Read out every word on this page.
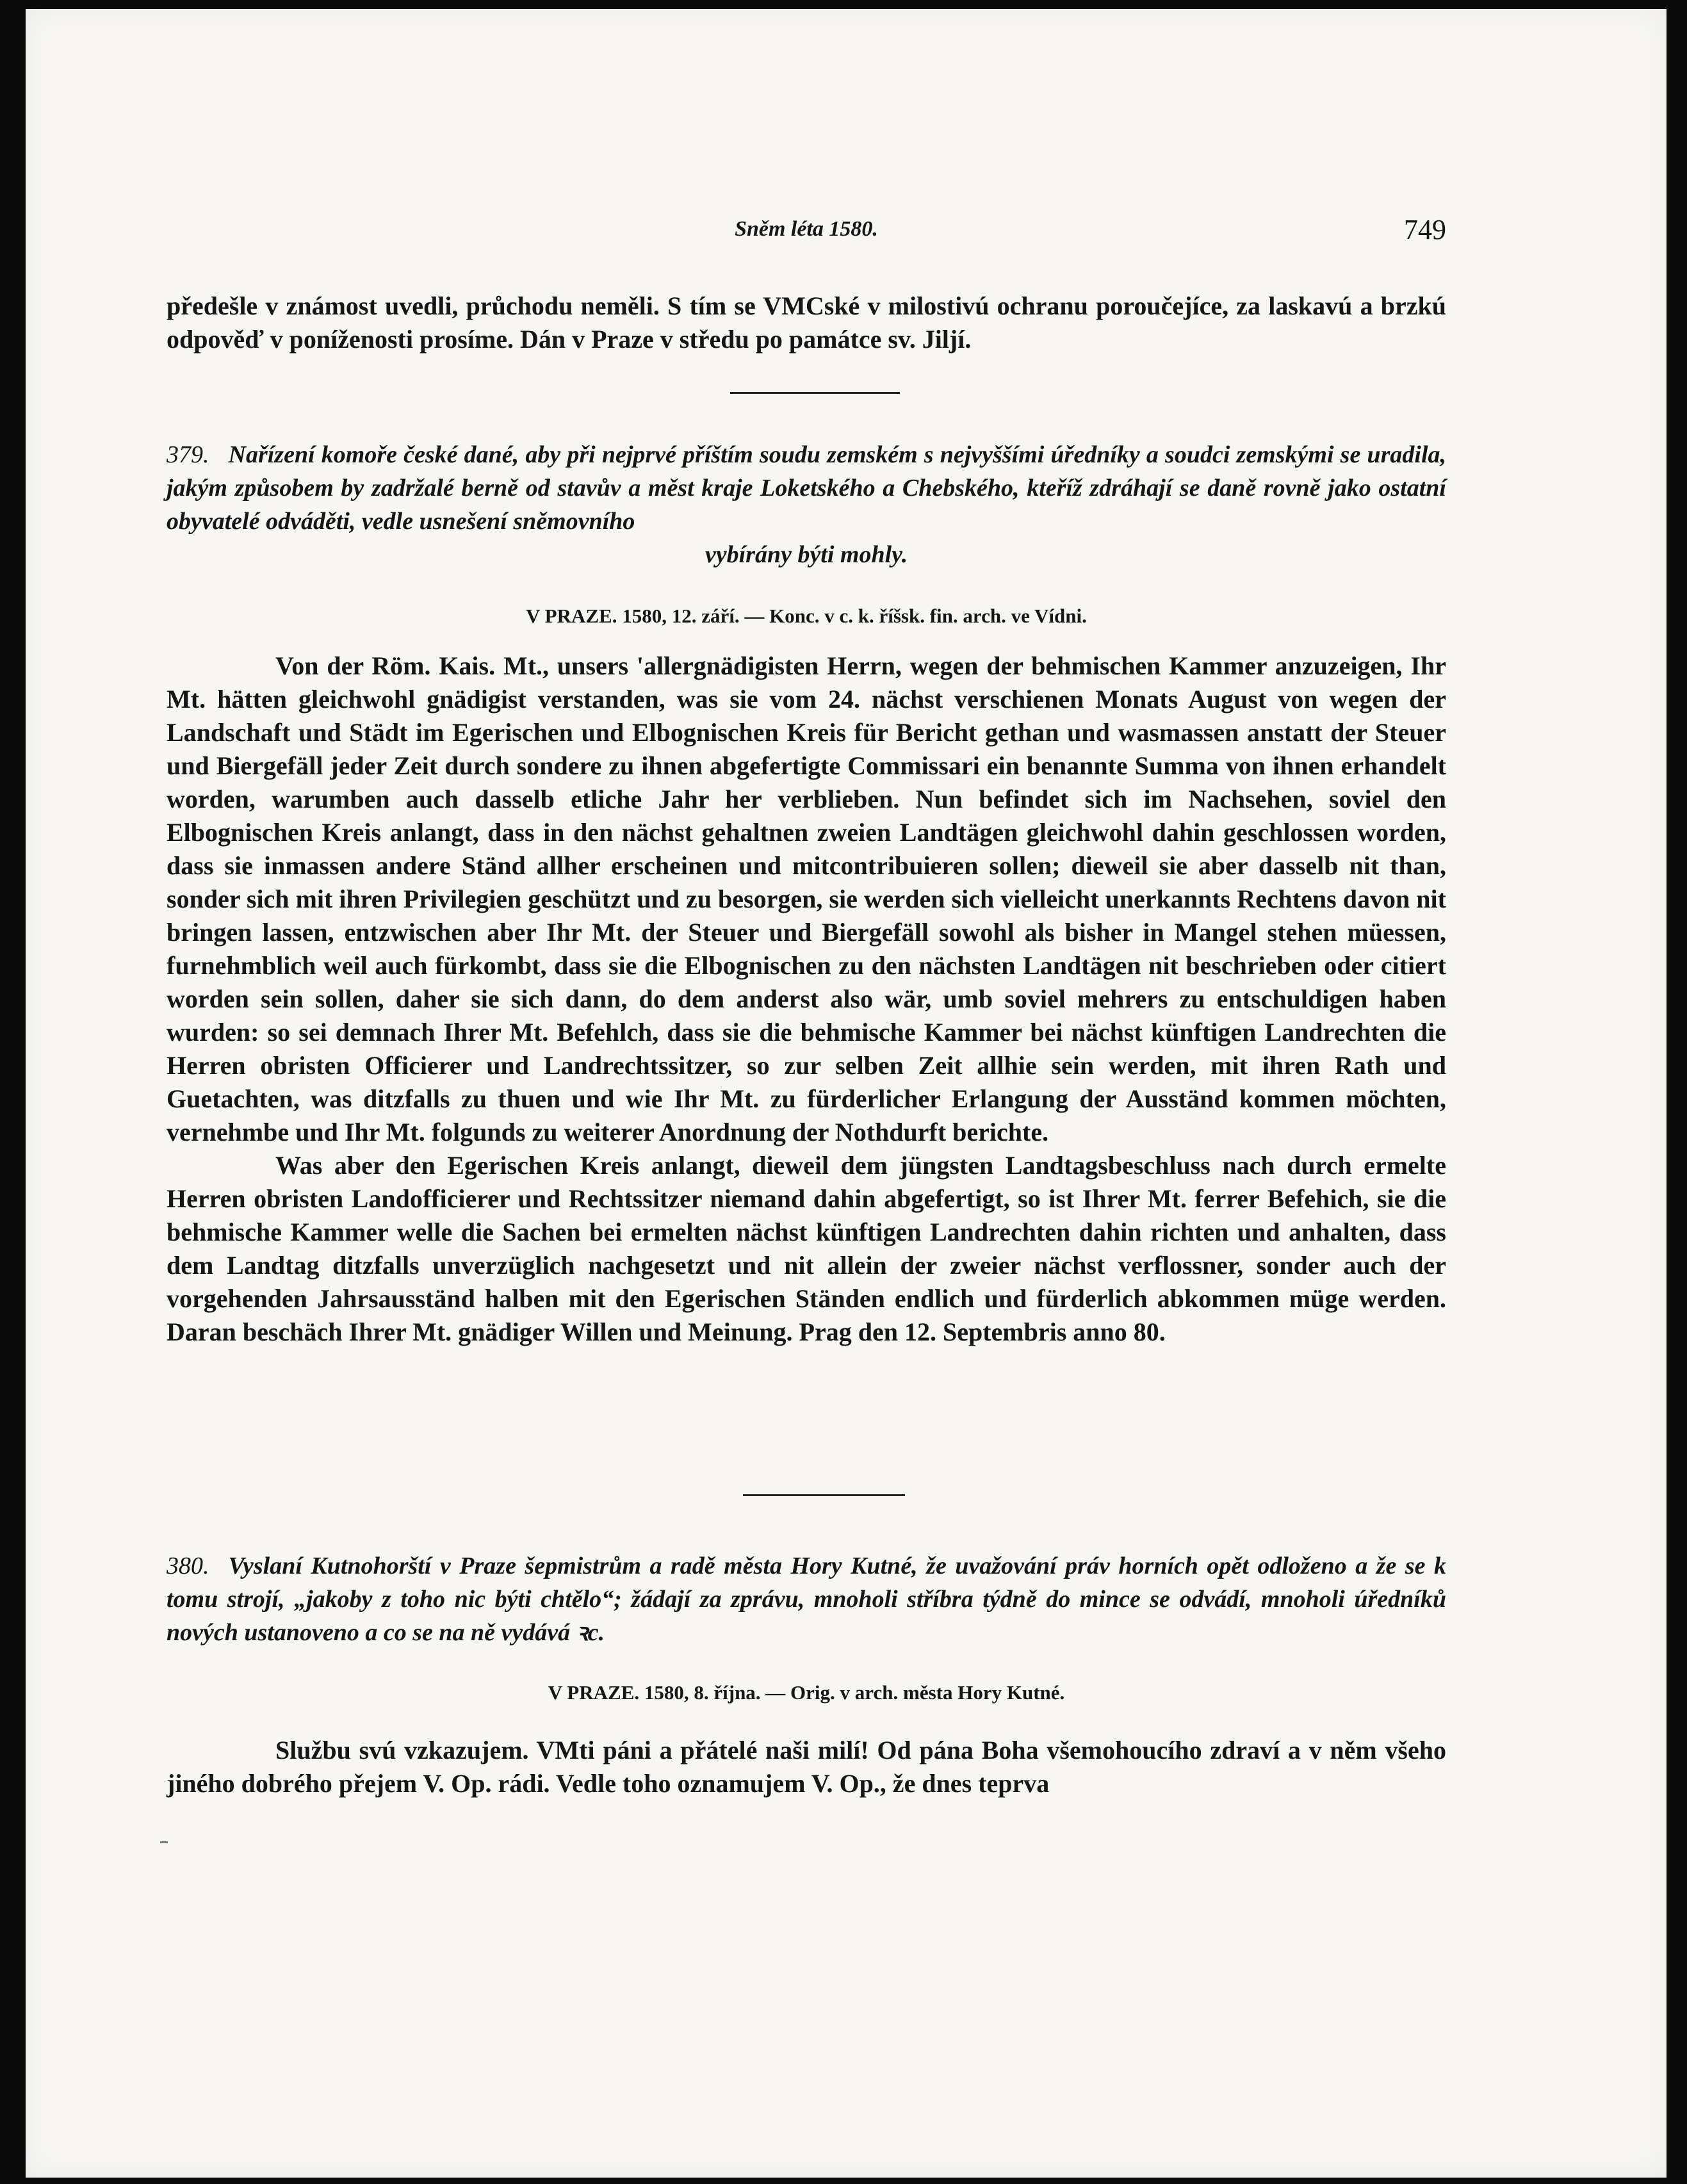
Sněm léta 1580.	749

předešle v známost uvedli, průchodu neměli. S tím se VMCské v milostivú ochranu poroučejíce, za laskavú a brzkú odpověď v poníženosti prosíme. Dán v Praze v středu po památce sv. Jiljí.

379. Nařízení komoře české dané, aby při nejprvé příštím soudu zemském s nejvyššími úředníky a soudci zemskými se uradila, jakým způsobem by zadržalé berně od stavův a měst kraje Loketského a Chebského, kteříž zdráhají se daně rovně jako ostatní obyvatelé odváděti, vedle usnešení sněmovního
vybírány býti mohly.
V PRAZE. 1580, 12. září. — Konc. v c. k. říšsk. fin. arch. ve Vídni.

Von der Röm. Kais. Mt., unsers 'allergnädigisten Herrn, wegen der behmischen Kammer anzuzeigen, Ihr Mt. hätten gleichwohl gnädigist verstanden, was sie vom 24. nächst verschienen Monats August von wegen der Landschaft und Städt im Egerischen und Elbognischen Kreis für Bericht gethan und wasmassen anstatt der Steuer und Biergefäll jeder Zeit durch sondere zu ihnen abgefertigte Commissari ein benannte Summa von ihnen erhandelt worden, warumben auch dasselb etliche Jahr her verblieben. Nun befindet sich im Nachsehen, soviel den Elbognischen Kreis anlangt, dass in den nächst gehaltnen zweien Landtägen gleichwohl dahin geschlossen worden, dass sie inmassen andere Ständ allher erscheinen und mitcontribuieren sollen; dieweil sie aber dasselb nit than, sonder sich mit ihren Privilegien geschützt und zu besorgen, sie werden sich vielleicht unerkannts Rechtens davon nit bringen lassen, entzwischen aber Ihr Mt. der Steuer und Biergefäll sowohl als bisher in Mangel stehen müessen, furnehmblich weil auch fürkombt, dass sie die Elbognischen zu den nächsten Landtägen nit beschrieben oder citiert worden sein sollen, daher sie sich dann, do dem anderst also wär, umb soviel mehrers zu entschuldigen haben wurden: so sei demnach Ihrer Mt. Befehlch, dass sie die behmische Kammer bei nächst künftigen Landrechten die Herren obristen Officierer und Landrechtssitzer, so zur selben Zeit allhie sein werden, mit ihren Rath und Guetachten, was ditzfalls zu thuen und wie Ihr Mt. zu fürderlicher Erlangung der Ausständ kommen möchten, vernehmbe und Ihr Mt. folgunds zu weiterer Anordnung der Nothdurft berichte.

Was aber den Egerischen Kreis anlangt, dieweil dem jüngsten Landtagsbeschluss nach durch ermelte Herren obristen Landofficierer und Rechtssitzer niemand dahin abgefertigt, so ist Ihrer Mt. ferrer Befehich, sie die behmische Kammer welle die Sachen bei ermelten nächst künftigen Landrechten dahin richten und anhalten, dass dem Landtag ditzfalls unverzüglich nachgesetzt und nit allein der zweier nächst verflossner, sonder auch der vorgehenden Jahrsausständ halben mit den Egerischen Ständen endlich und fürderlich abkommen müge werden. Daran beschäch Ihrer Mt. gnädiger Willen und Meinung. Prag den 12. Septembris anno 80.

380. Vyslaní Kutnohorští v Praze šepmistrům a radě města Hory Kutné, že uvažování práv horních opět odloženo a že se k tomu strojí, „jakoby z toho nic býti chtělo“; žádají za zprávu, mnoholi stříbra týdně do mince se odvádí, mnoholi úředníků nových ustanoveno a co se na ně vydává ꝛc.
V PRAZE. 1580, 8. října. — Orig. v arch. města Hory Kutné.

Službu svú vzkazujem. VMti páni a přátelé naši milí! Od pána Boha všemohoucího zdraví a v něm všeho jiného dobrého přejem V. Op. rádi. Vedle toho oznamujem V. Op., že dnes teprva
